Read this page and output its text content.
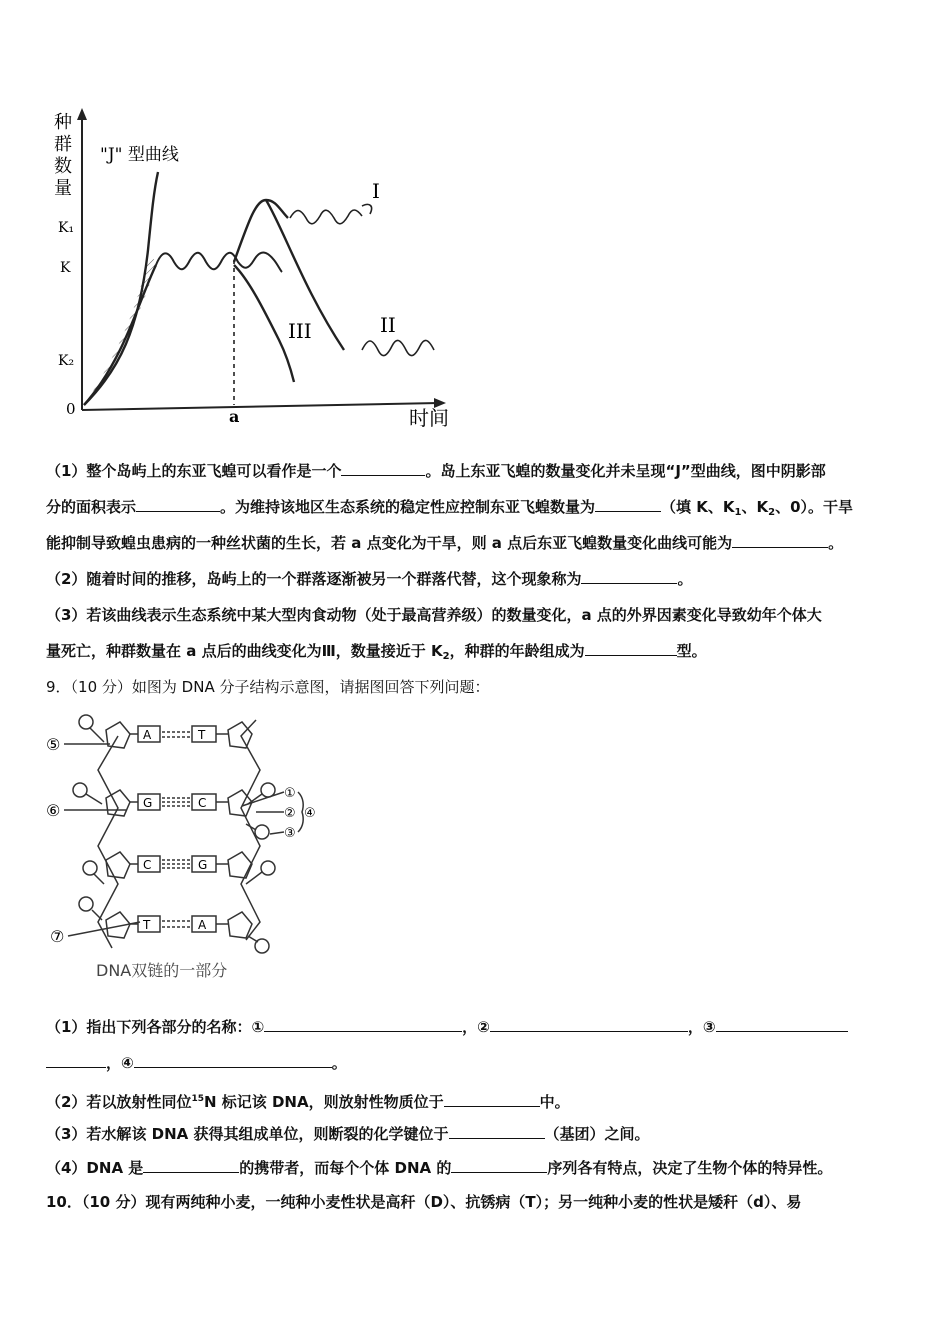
种
群
数
量
K₁
K
K₂
0
"J" 型曲线
a
I
II
III
时间
（1）整个岛屿上的东亚飞蝗可以看作是一个	。岛上东亚飞蝗的数量变化并未呈现“J”型曲线，图中阴影部
分的面积表示	。为维持该地区生态系统的稳定性应控制东亚飞蝗数量为	（填 K、$K_1$、$K_2$、0）。干旱
能抑制导致蝗虫患病的一种丝状菌的生长，若 a 点变化为干旱，则 a 点后东亚飞蝗数量变化曲线可能为	。
（2）随着时间的推移，岛屿上的一个群落逐渐被另一个群落代替，这个现象称为	。
（3）若该曲线表示生态系统中某大型肉食动物（处于最高营养级）的数量变化，a 点的外界因素变化导致幼年个体大
量死亡，种群数量在 a 点后的曲线变化为Ⅲ，数量接近于 $K_2$，种群的年龄组成为	型。
9．（10 分）如图为 DNA 分子结构示意图，请据图回答下列问题：
A	T
G	C
C	G
T	A
⑤
⑥
⑦
①
②
③
④
DNA双链的一部分
（1）指出下列各部分的名称：①	，②	，③
，④	。
（2）若以放射性同位$^{15}$N 标记该 DNA，则放射性物质位于	中。
（3）若水解该 DNA 获得其组成单位，则断裂的化学键位于	（基团）之间。
（4）DNA 是	的携带者，而每个个体 DNA 的	序列各有特点，决定了生物个体的特异性。
10．（10 分）现有两纯种小麦，一纯种小麦性状是高秆（D）、抗锈病（T）；另一纯种小麦的性状是矮秆（d）、易
